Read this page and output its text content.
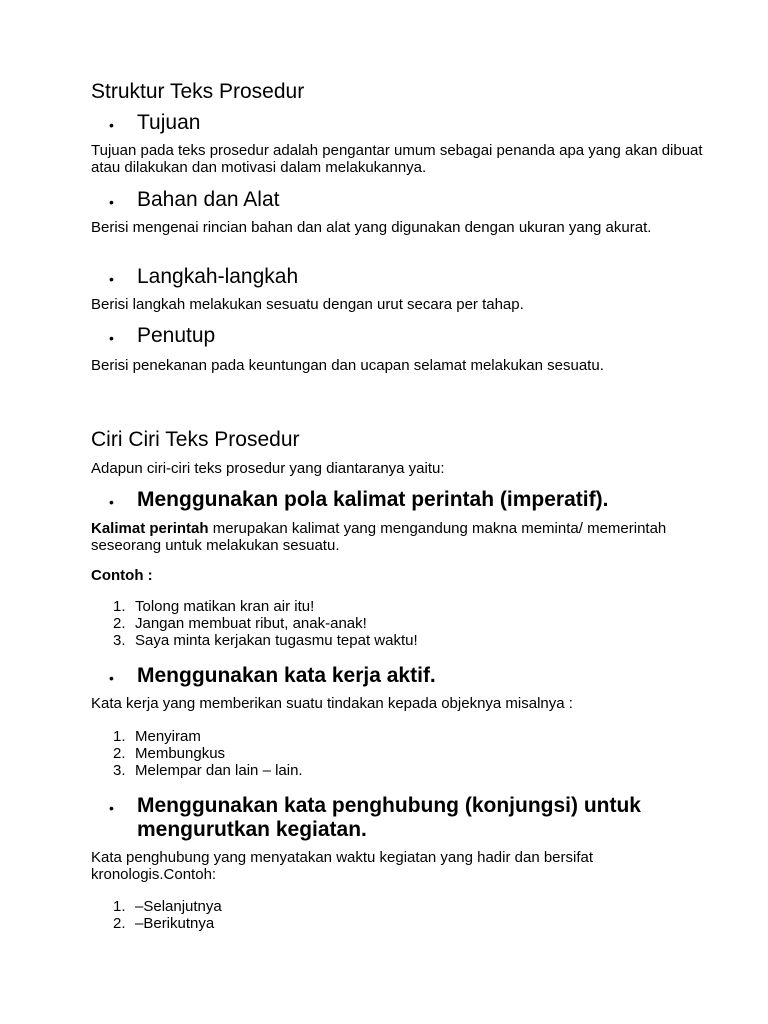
Struktur Teks Prosedur
•	Tujuan

Tujuan pada teks prosedur adalah pengantar umum sebagai penanda apa yang akan dibuat atau dilakukan dan motivasi dalam melakukannya.

•	Bahan dan Alat

Berisi mengenai rincian bahan dan alat yang digunakan dengan ukuran yang akurat.

•	Langkah-langkah

Berisi langkah melakukan sesuatu dengan urut secara per tahap.

•	Penutup

Berisi penekanan pada keuntungan dan ucapan selamat melakukan sesuatu.

Ciri Ciri Teks Prosedur

Adapun ciri-ciri teks prosedur yang diantaranya yaitu:

•	Menggunakan pola kalimat perintah (imperatif).

Kalimat perintah merupakan kalimat yang mengandung makna meminta/ memerintah seseorang untuk melakukan sesuatu.

Contoh :

1. Tolong matikan kran air itu!
2. Jangan membuat ribut, anak-anak!
3. Saya minta kerjakan tugasmu tepat waktu!
•	Menggunakan kata kerja aktif.

Kata kerja yang memberikan suatu tindakan kepada objeknya misalnya :

1. Menyiram
2. Membungkus
3. Melempar dan lain – lain.
•	Menggunakan kata penghubung (konjungsi) untuk mengurutkan kegiatan.

Kata penghubung yang menyatakan waktu kegiatan yang hadir dan bersifat kronologis.Contoh:

1. –Selanjutnya
2. –Berikutnya
